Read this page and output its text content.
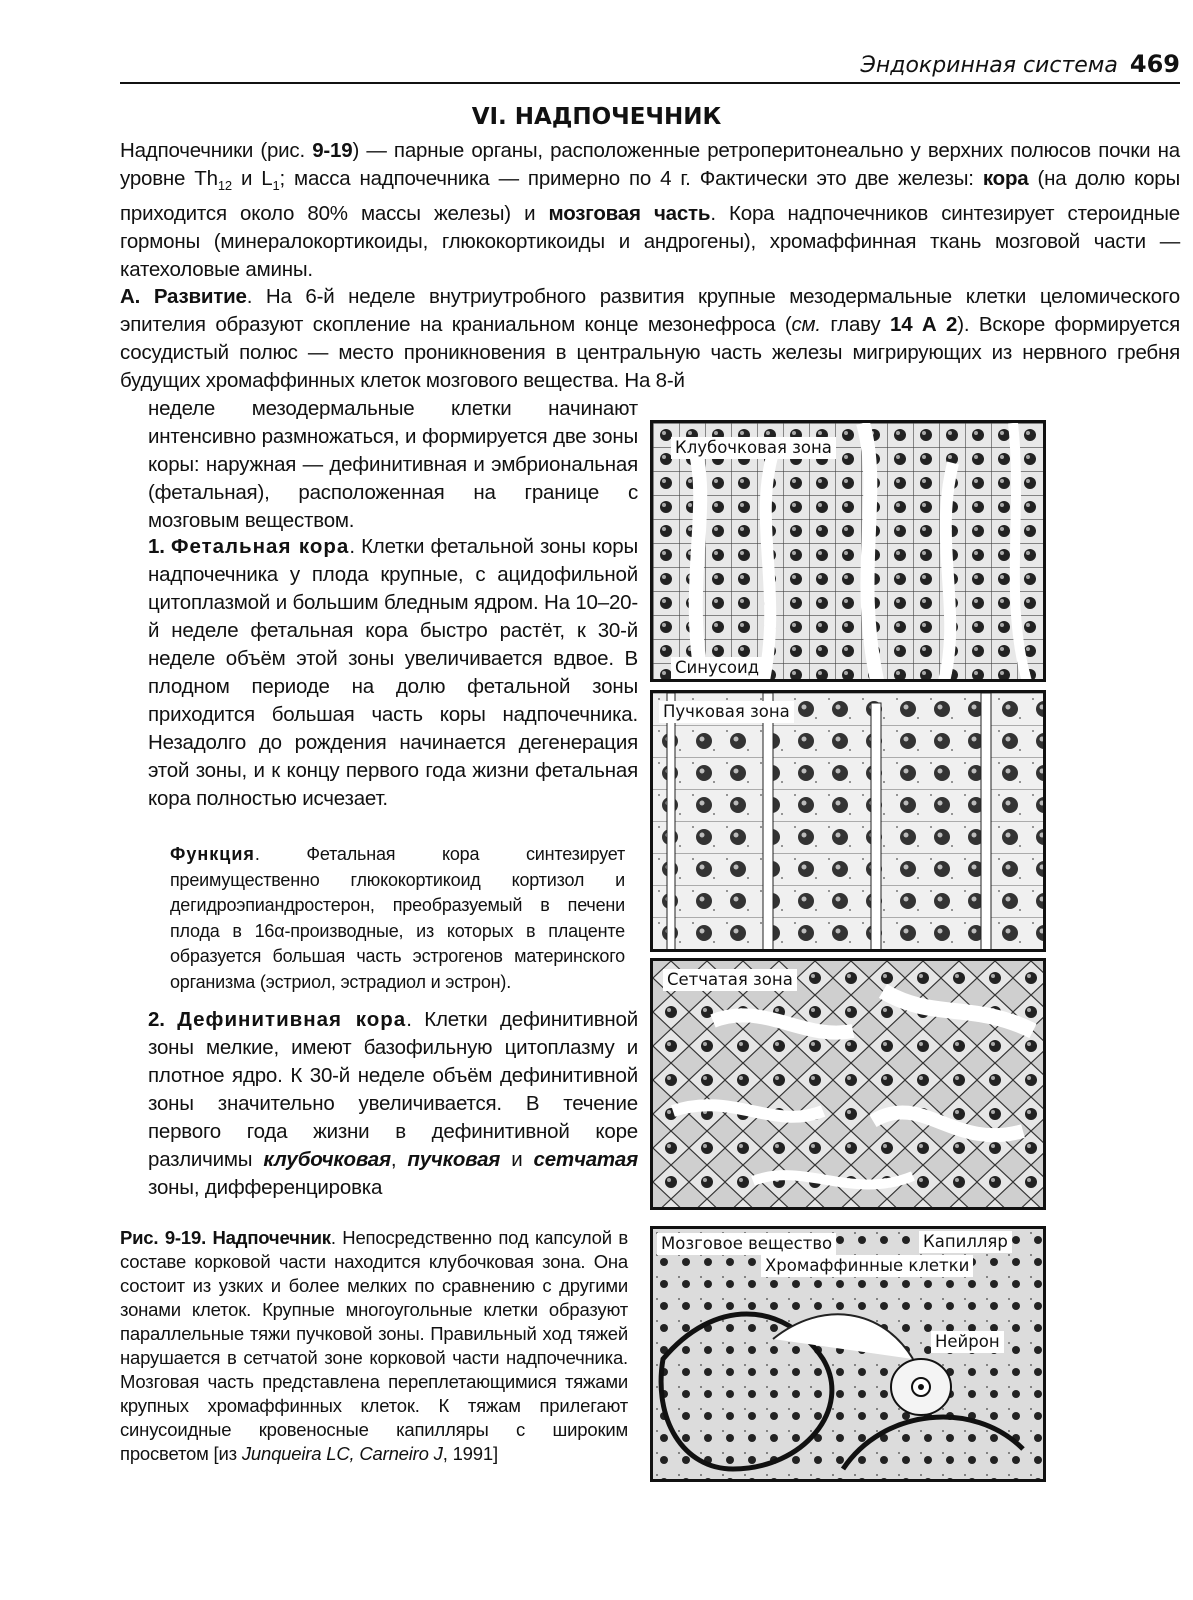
Эндокринная система 469
VI. НАДПОЧЕЧНИК
Надпочечники (рис. 9-19) — парные органы, расположенные ретроперитонеально у верхних полюсов почки на уровне $Th_{12}$ и $L_1$; масса надпочечника — примерно по 4 г. Фактически это две железы: кора (на долю коры приходится около 80% массы железы) и мозговая часть. Кора надпочечников синтезирует стероидные гормоны (минералокортикоиды, глюкокортикоиды и андрогены), хромаффинная ткань мозговой части — катехоловые амины.
А. Развитие. На 6-й неделе внутриутробного развития крупные мезодермальные клетки целомического эпителия образуют скопление на краниальном конце мезонефроса (см. главу 14 А 2). Вскоре формируется сосудистый полюс — место проникновения в центральную часть железы мигрирующих из нервного гребня будущих хромаффинных клеток мозгового вещества. На 8-й
неделе мезодермальные клетки начинают интенсивно размножаться, и формируется две зоны коры: наружная — дефинитивная и эмбриональная (фетальная), расположенная на границе с мозговым веществом.
1. Фетальная кора. Клетки фетальной зоны коры надпочечника у плода крупные, с ацидофильной цитоплазмой и большим бледным ядром. На 10–20-й неделе фетальная кора быстро растёт, к 30-й неделе объём этой зоны увеличивается вдвое. В плодном периоде на долю фетальной зоны приходится большая часть коры надпочечника. Незадолго до рождения начинается дегенерация этой зоны, и к концу первого года жизни фетальная кора полностью исчезает.
Функция. Фетальная кора синтезирует преимущественно глюкокортикоид кортизол и дегидроэпиандростерон, преобразуемый в печени плода в 16α-производные, из которых в плаценте образуется большая часть эстрогенов материнского организма (эстриол, эстрадиол и эстрон).
2. Дефинитивная кора. Клетки дефинитивной зоны мелкие, имеют базофильную цитоплазму и плотное ядро. К 30-й неделе объём дефинитивной зоны значительно увеличивается. В течение первого года жизни в дефинитивной коре различимы клубочковая, пучковая и сетчатая зоны, дифференцировка
Рис. 9-19. Надпочечник. Непосредственно под капсулой в составе корковой части находится клубочковая зона. Она состоит из узких и более мелких по сравнению с другими зонами клеток. Крупные многоугольные клетки образуют параллельные тяжи пучковой зоны. Правильный ход тяжей нарушается в сетчатой зоне корковой части надпочечника. Мозговая часть представлена переплетающимися тяжами крупных хромаффинных клеток. К тяжам прилегают синусоидные кровеносные капилляры с широким просветом [из Junqueira LC, Carneiro J, 1991]
Клубочковая зона
Синусоид
Пучковая зона
Сетчатая зона
Мозговое вещество	Капилляр
Хромаффинные клетки
Нейрон
